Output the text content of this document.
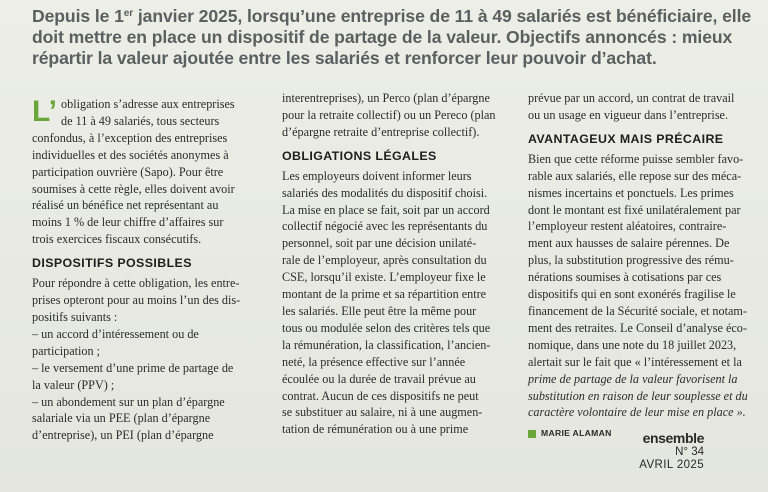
Depuis le 1er janvier 2025, lorsqu’une entreprise de 11 à 49 salariés est bénéficiaire, elle doit mettre en place un dispositif de partage de la valeur. Objectifs annoncés : mieux répartir la valeur ajoutée entre les salariés et renforcer leur pouvoir d’achat.
L’ obligation s’adresse aux entreprises
de 11 à 49 salariés, tous secteurs
confondus, à l’exception des entreprises
individuelles et des sociétés anonymes à
participation ouvrière (Sapo). Pour être
soumises à cette règle, elles doivent avoir
réalisé un bénéfice net représentant au
moins 1 % de leur chiffre d’affaires sur
trois exercices fiscaux consécutifs.
DISPOSITIFS POSSIBLES
Pour répondre à cette obligation, les entre-
prises opteront pour au moins l’un des dis-
positifs suivants :
– un accord d’intéressement ou de
participation ;
– le versement d’une prime de partage de
la valeur (PPV) ;
– un abondement sur un plan d’épargne
salariale via un PEE (plan d’épargne
d’entreprise), un PEI (plan d’épargne
interentreprises), un Perco (plan d’épargne
pour la retraite collectif) ou un Pereco (plan
d’épargne retraite d’entreprise collectif).
OBLIGATIONS LÉGALES
Les employeurs doivent informer leurs
salariés des modalités du dispositif choisi.
La mise en place se fait, soit par un accord
collectif négocié avec les représentants du
personnel, soit par une décision unilaté-
rale de l’employeur, après consultation du
CSE, lorsqu’il existe. L’employeur fixe le
montant de la prime et sa répartition entre
les salariés. Elle peut être la même pour
tous ou modulée selon des critères tels que
la rémunération, la classification, l’ancien-
neté, la présence effective sur l’année
écoulée ou la durée de travail prévue au
contrat. Aucun de ces dispositifs ne peut
se substituer au salaire, ni à une augmen-
tation de rémunération ou à une prime
prévue par un accord, un contrat de travail
ou un usage en vigueur dans l’entreprise.
AVANTAGEUX MAIS PRÉCAIRE
Bien que cette réforme puisse sembler favo-
rable aux salariés, elle repose sur des méca-
nismes incertains et ponctuels. Les primes
dont le montant est fixé unilatéralement par
l’employeur restent aléatoires, contraire-
ment aux hausses de salaire pérennes. De
plus, la substitution progressive des rému-
nérations soumises à cotisations par ces
dispositifs qui en sont exonérés fragilise le
financement de la Sécurité sociale, et notam-
ment des retraites. Le Conseil d’analyse éco-
nomique, dans une note du 18 juillet 2023,
alertait sur le fait que « l’intéressement et la
prime de partage de la valeur favorisent la
substitution en raison de leur souplesse et du
caractère volontaire de leur mise en place ».
MARIE ALAMAN	ensemble
N° 34
AVRIL 2025
